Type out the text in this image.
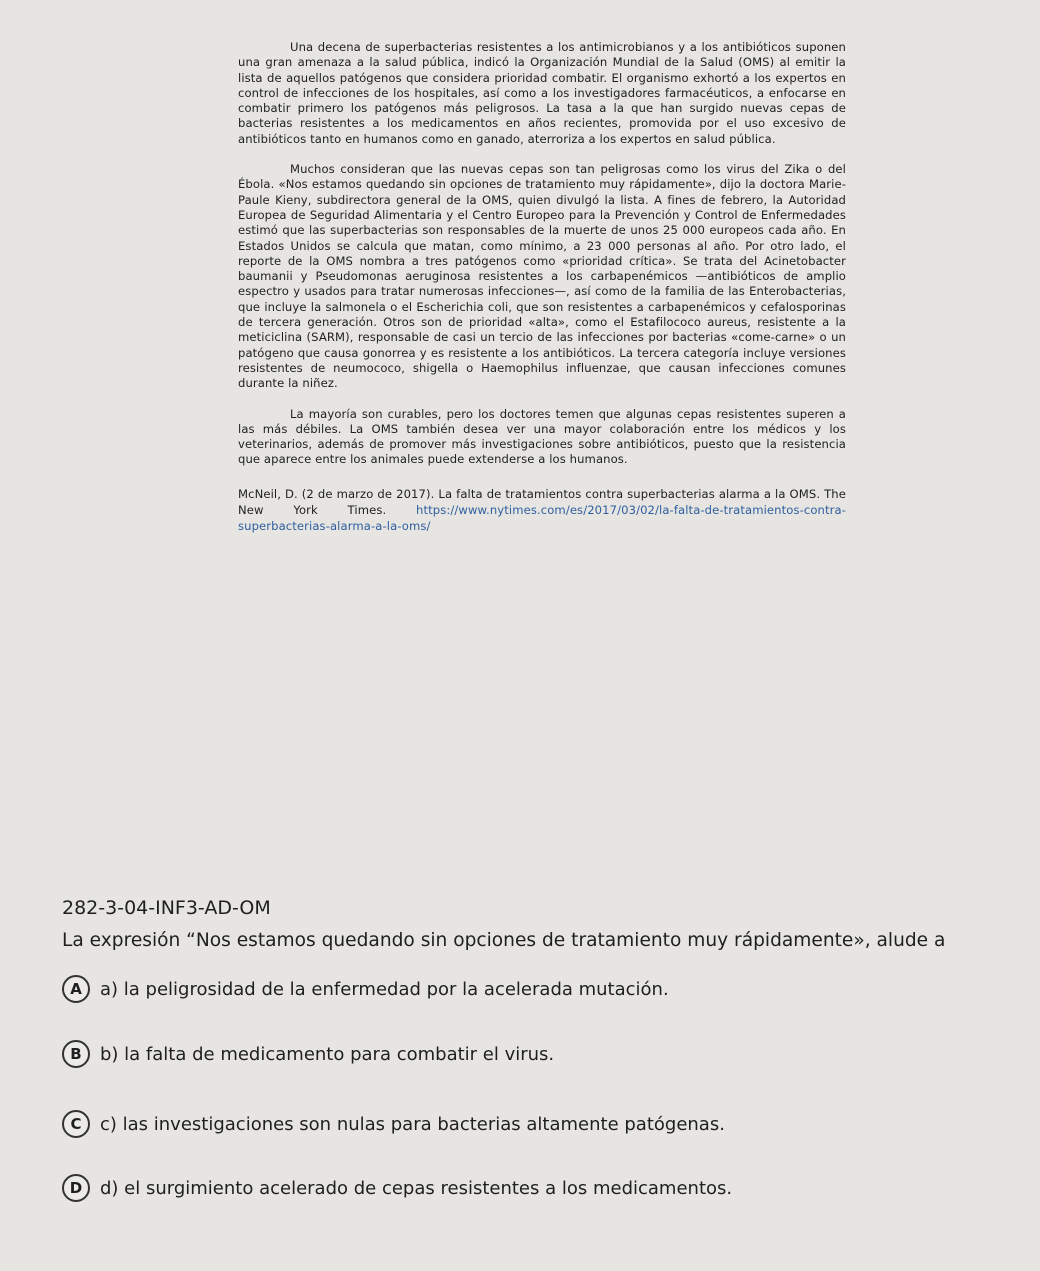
Una decena de superbacterias resistentes a los antimicrobianos y a los antibióticos suponen una gran amenaza a la salud pública, indicó la Organización Mundial de la Salud (OMS) al emitir la lista de aquellos patógenos que considera prioridad combatir. El organismo exhortó a los expertos en control de infecciones de los hospitales, así como a los investigadores farmacéuticos, a enfocarse en combatir primero los patógenos más peligrosos. La tasa a la que han surgido nuevas cepas de bacterias resistentes a los medicamentos en años recientes, promovida por el uso excesivo de antibióticos tanto en humanos como en ganado, aterroriza a los expertos en salud pública.

Muchos consideran que las nuevas cepas son tan peligrosas como los virus del Zika o del Ébola. «Nos estamos quedando sin opciones de tratamiento muy rápidamente», dijo la doctora Marie-Paule Kieny, subdirectora general de la OMS, quien divulgó la lista. A fines de febrero, la Autoridad Europea de Seguridad Alimentaria y el Centro Europeo para la Prevención y Control de Enfermedades estimó que las superbacterias son responsables de la muerte de unos 25 000 europeos cada año. En Estados Unidos se calcula que matan, como mínimo, a 23 000 personas al año. Por otro lado, el reporte de la OMS nombra a tres patógenos como «prioridad crítica». Se trata del Acinetobacter baumanii y Pseudomonas aeruginosa resistentes a los carbapenémicos —antibióticos de amplio espectro y usados para tratar numerosas infecciones—, así como de la familia de las Enterobacterias, que incluye la salmonela o el Escherichia coli, que son resistentes a carbapenémicos y cefalosporinas de tercera generación. Otros son de prioridad «alta», como el Estafilococo aureus, resistente a la meticiclina (SARM), responsable de casi un tercio de las infecciones por bacterias «come-carne» o un patógeno que causa gonorrea y es resistente a los antibióticos. La tercera categoría incluye versiones resistentes de neumococo, shigella o Haemophilus influenzae, que causan infecciones comunes durante la niñez.

La mayoría son curables, pero los doctores temen que algunas cepas resistentes superen a las más débiles. La OMS también desea ver una mayor colaboración entre los médicos y los veterinarios, además de promover más investigaciones sobre antibióticos, puesto que la resistencia que aparece entre los animales puede extenderse a los humanos.

McNeil, D. (2 de marzo de 2017). La falta de tratamientos contra superbacterias alarma a la OMS. The New York Times. https://www.nytimes.com/es/2017/03/02/la-falta-de-tratamientos-contra-superbacterias-alarma-a-la-oms/
282-3-04-INF3-AD-OM
La expresión “Nos estamos quedando sin opciones de tratamiento muy rápidamente», alude a
A	a) la peligrosidad de la enfermedad por la acelerada mutación.
B	b) la falta de medicamento para combatir el virus.
C	c) las investigaciones son nulas para bacterias altamente patógenas.
D d) el surgimiento acelerado de cepas resistentes a los medicamentos.
